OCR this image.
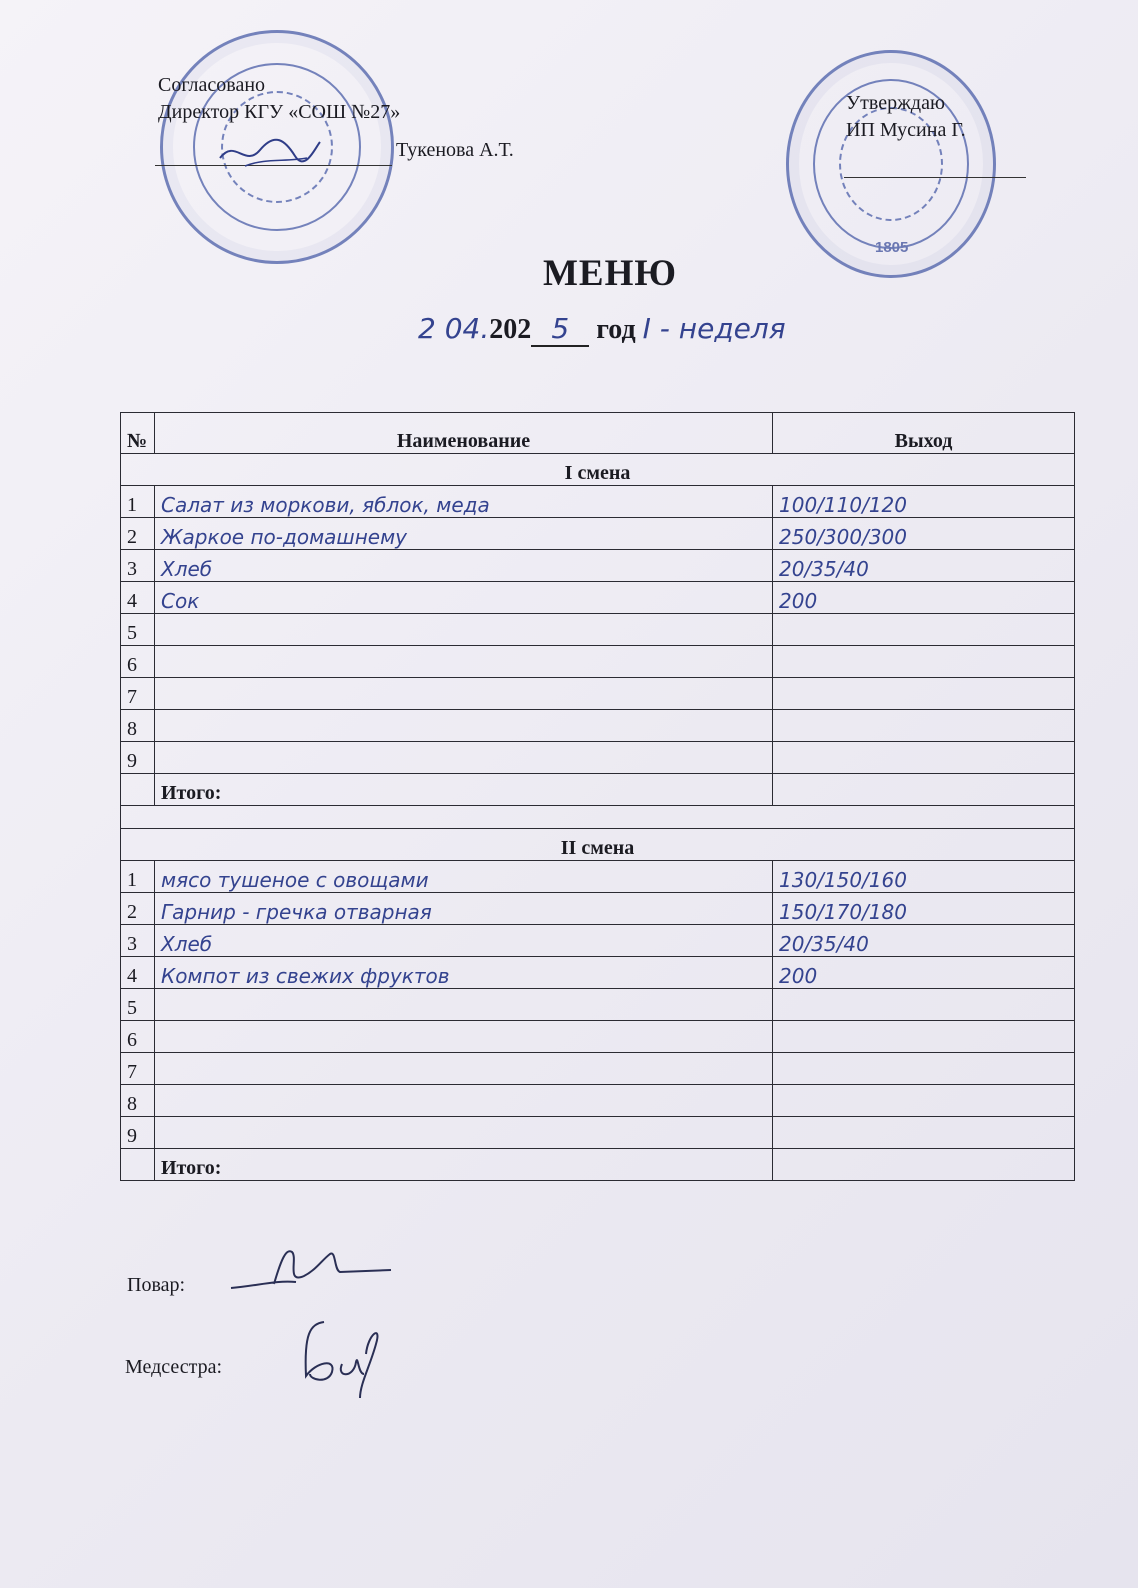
1805
Согласовано
Директор КГУ «СОШ №27»
Тукенова А.Т.
Утверждаю
ИП Мусина Г.
МЕНЮ
2 04.202 5 год I - неделя
№	Наименование	Выход
I смена		
1	Салат из моркови, яблок, меда	100/110/120
2	Жаркое по-домашнему	250/300/300
3	Хлеб	20/35/40
4	Сок	200
5		
6		
7		
8		
9		
	Итого:	

II смена		
1	мясо тушеное с овощами	130/150/160
2	Гарнир - гречка отварная	150/170/180
3	Хлеб	20/35/40
4	Компот из свежих фруктов	200
5		
6		
7		
8		
9		
	Итого:	
Повар:
Медсестра:
